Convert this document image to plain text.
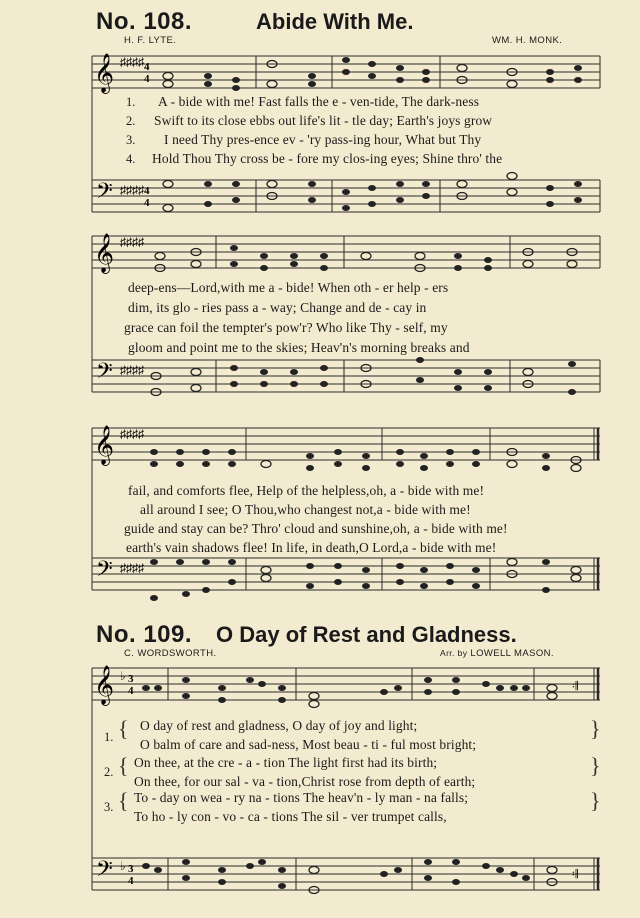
No. 108.	Abide With Me.
H. F. LYTE.	WM. H. MONK.
𝄞 ♯♯♯♯ 4
4
𝄢 ♯♯♯♯ 4
4
𝄞 ♯♯♯♯
𝄢 ♯♯♯♯
𝄞 ♯♯♯♯
𝄢 ♯♯♯♯
𝄞 ♭ 3
4	𝄇
𝄢 ♭ 3
4	𝄇
1. A - bide with me! Fast falls the e - ven-tide, The dark-ness
2. Swift to its close ebbs out life's lit - tle day; Earth's joys grow
3. I need Thy pres-ence ev - 'ry pass-ing hour, What but Thy
4. Hold Thou Thy cross be - fore my clos-ing eyes; Shine thro' the
deep-ens—Lord,with me a - bide! When oth - er help - ers
dim, its glo - ries pass a - way; Change and de - cay in
grace can foil the tempter's pow'r? Who like Thy - self, my
gloom and point me to the skies; Heav'n's morning breaks and
fail, and comforts flee, Help of the helpless,oh, a - bide with me!
all around I see; O Thou,who changest not,a - bide with me!
guide and stay can be? Thro' cloud and sunshine,oh, a - bide with me!
earth's vain shadows flee! In life, in death,O Lord,a - bide with me!
No. 109. O Day of Rest and Gladness.
C. WORDSWORTH.	Arr. by LOWELL MASON.
1. { O day of rest and gladness, O day of joy and light;
O balm of care and sad-ness, Most beau - ti - ful most bright;
}
2. { On thee, at the cre - a - tion The light first had its birth;
On thee, for our sal - va - tion,Christ rose from depth of earth;
}
3. { To - day on wea - ry na - tions The heav'n - ly man - na falls;
To ho - ly con - vo - ca - tions The sil - ver trumpet calls,
}
